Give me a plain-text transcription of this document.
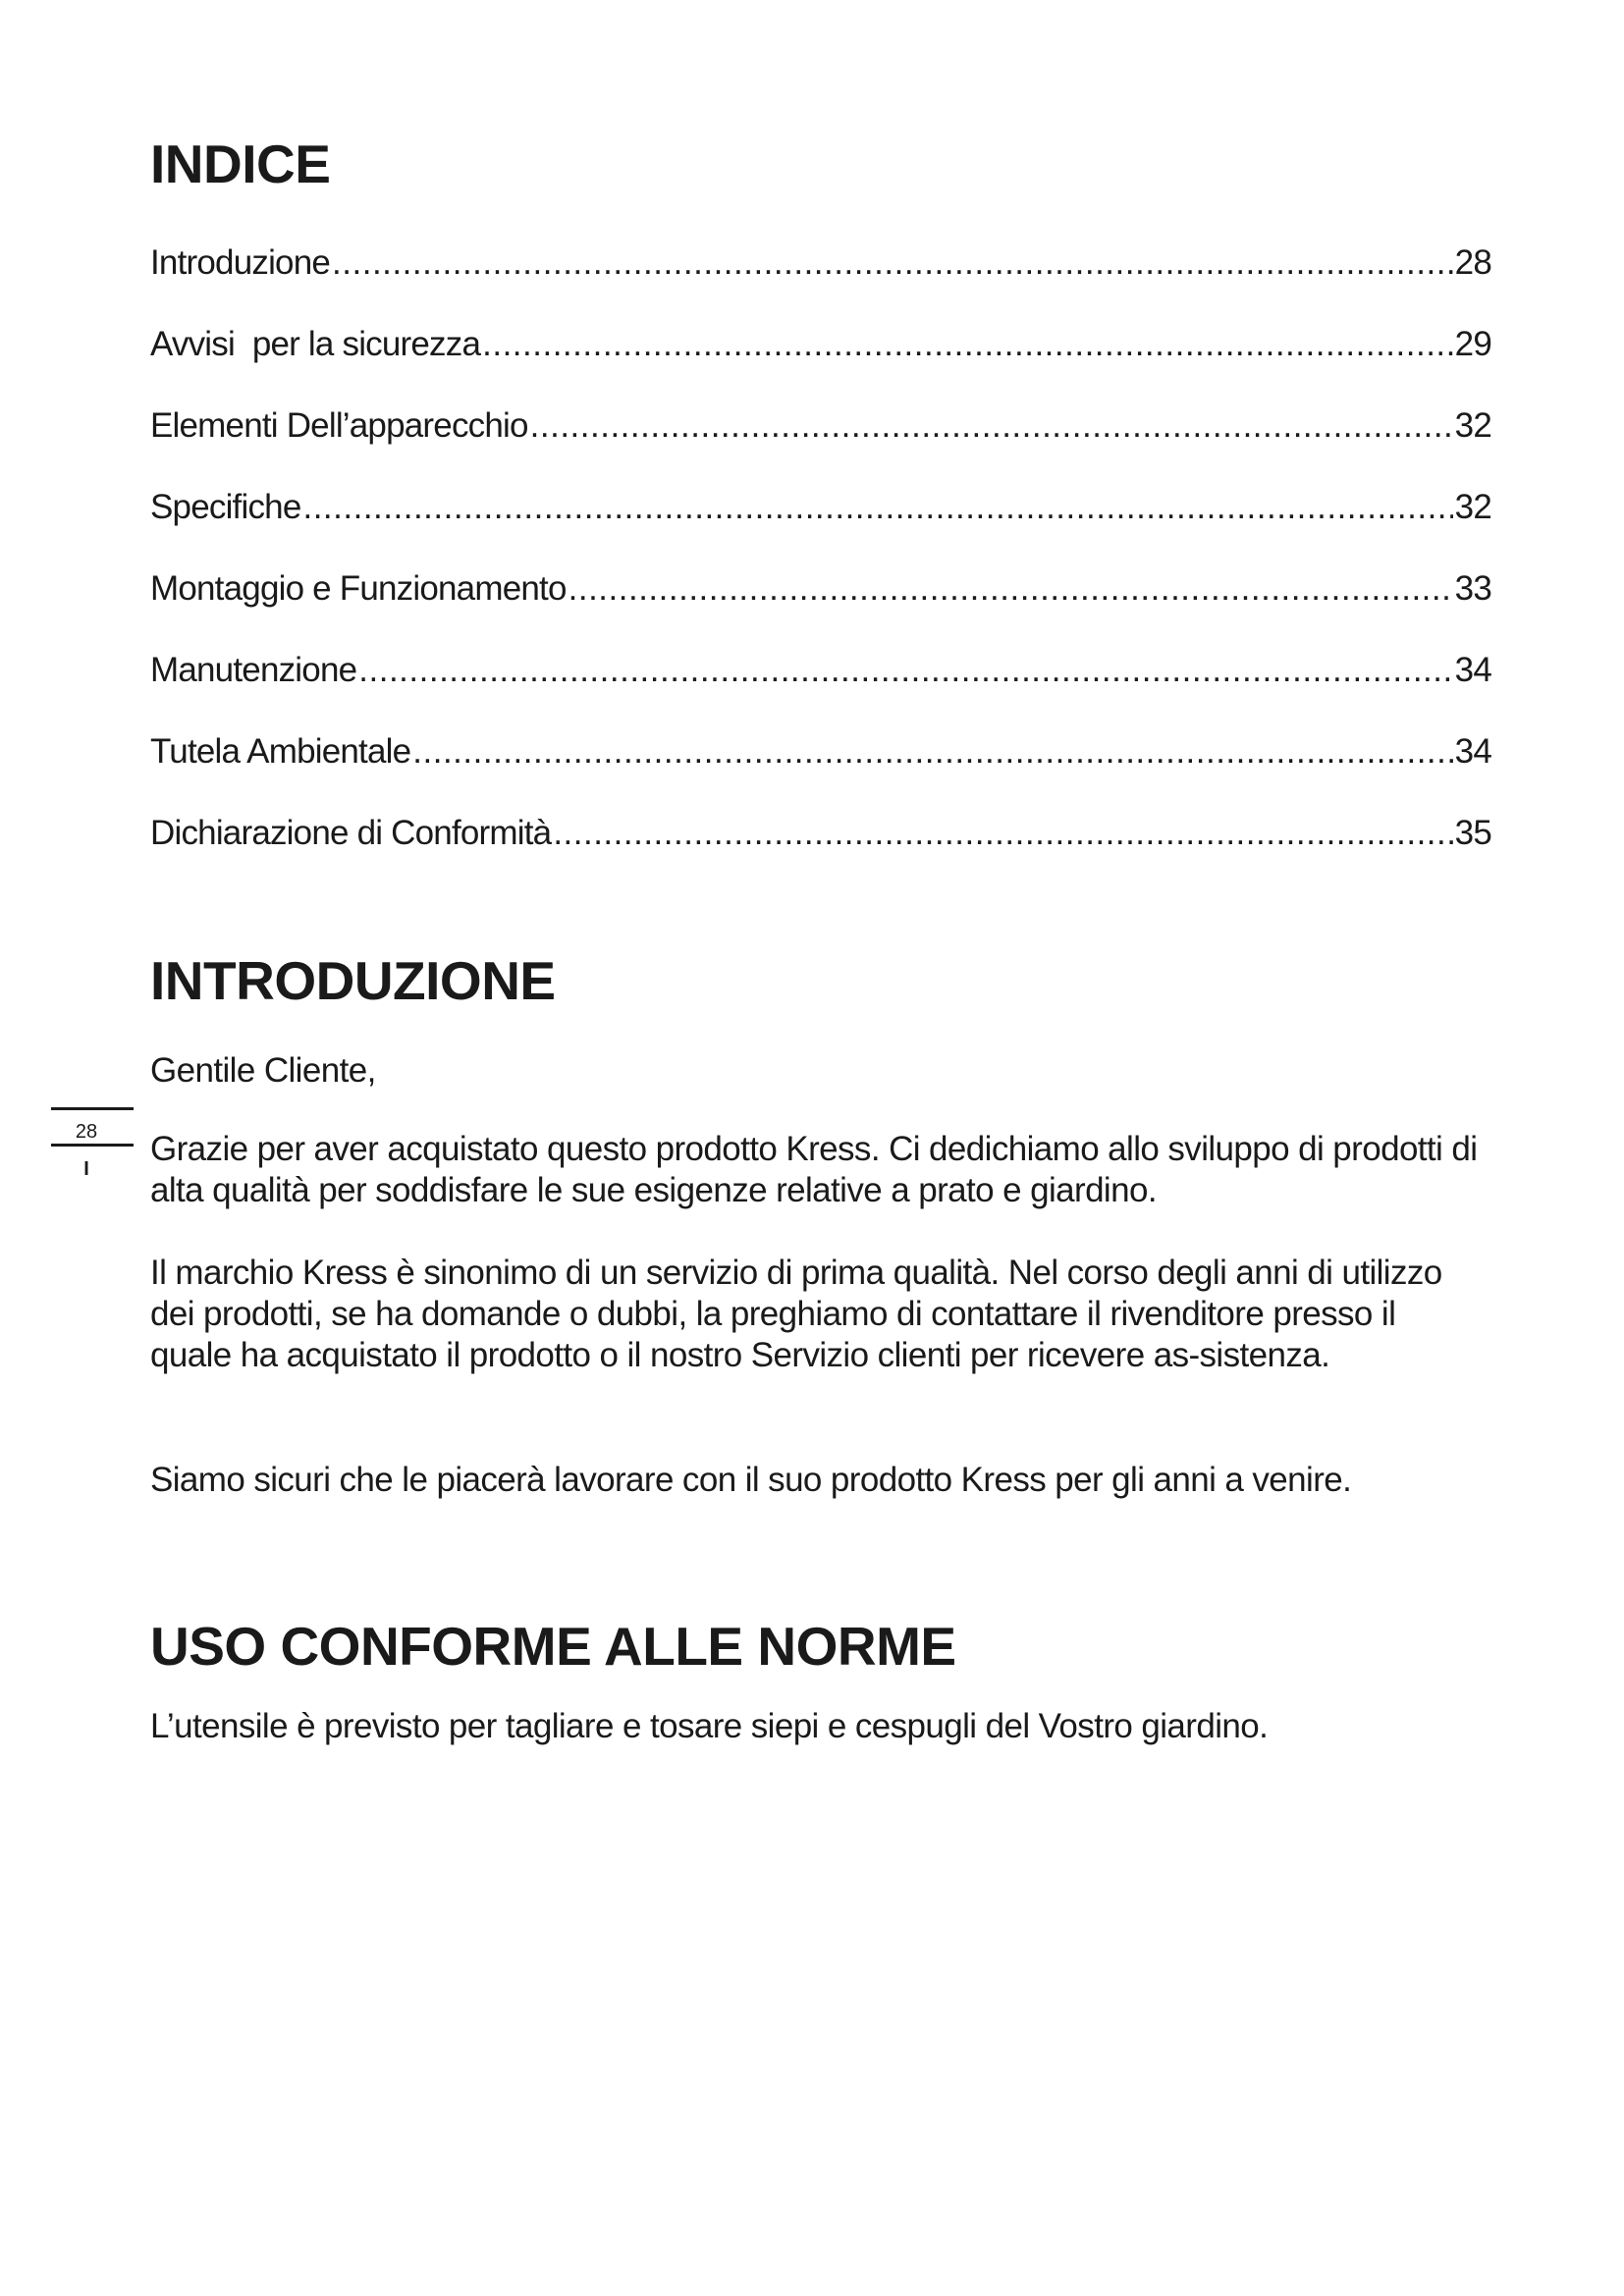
28
I
INDICE
Introduzione .....	28
Avvisi  per la sicurezza .....	29
Elementi Dell’apparecchio .....	32
Specifiche .....	32
Montaggio e Funzionamento .....	33
Manutenzione .....	34
Tutela Ambientale .....	34
Dichiarazione di Conformità .....	35
INTRODUZIONE

Gentile Cliente,

Grazie per aver acquistato questo prodotto Kress. Ci dedichiamo allo sviluppo di prodotti di alta qualità per soddisfare le sue esigenze relative a prato e giardino.

Il marchio Kress è sinonimo di un servizio di prima qualità. Nel corso degli anni di utilizzo dei prodotti, se ha domande o dubbi, la preghiamo di contattare il rivenditore presso il quale ha acquistato il prodotto o il nostro Servizio clienti per ricevere as-sistenza.

Siamo sicuri che le piacerà lavorare con il suo prodotto Kress per gli anni a venire.

USO CONFORME ALLE NORME

L’utensile è previsto per tagliare e tosare siepi e cespugli del Vostro giardino.
